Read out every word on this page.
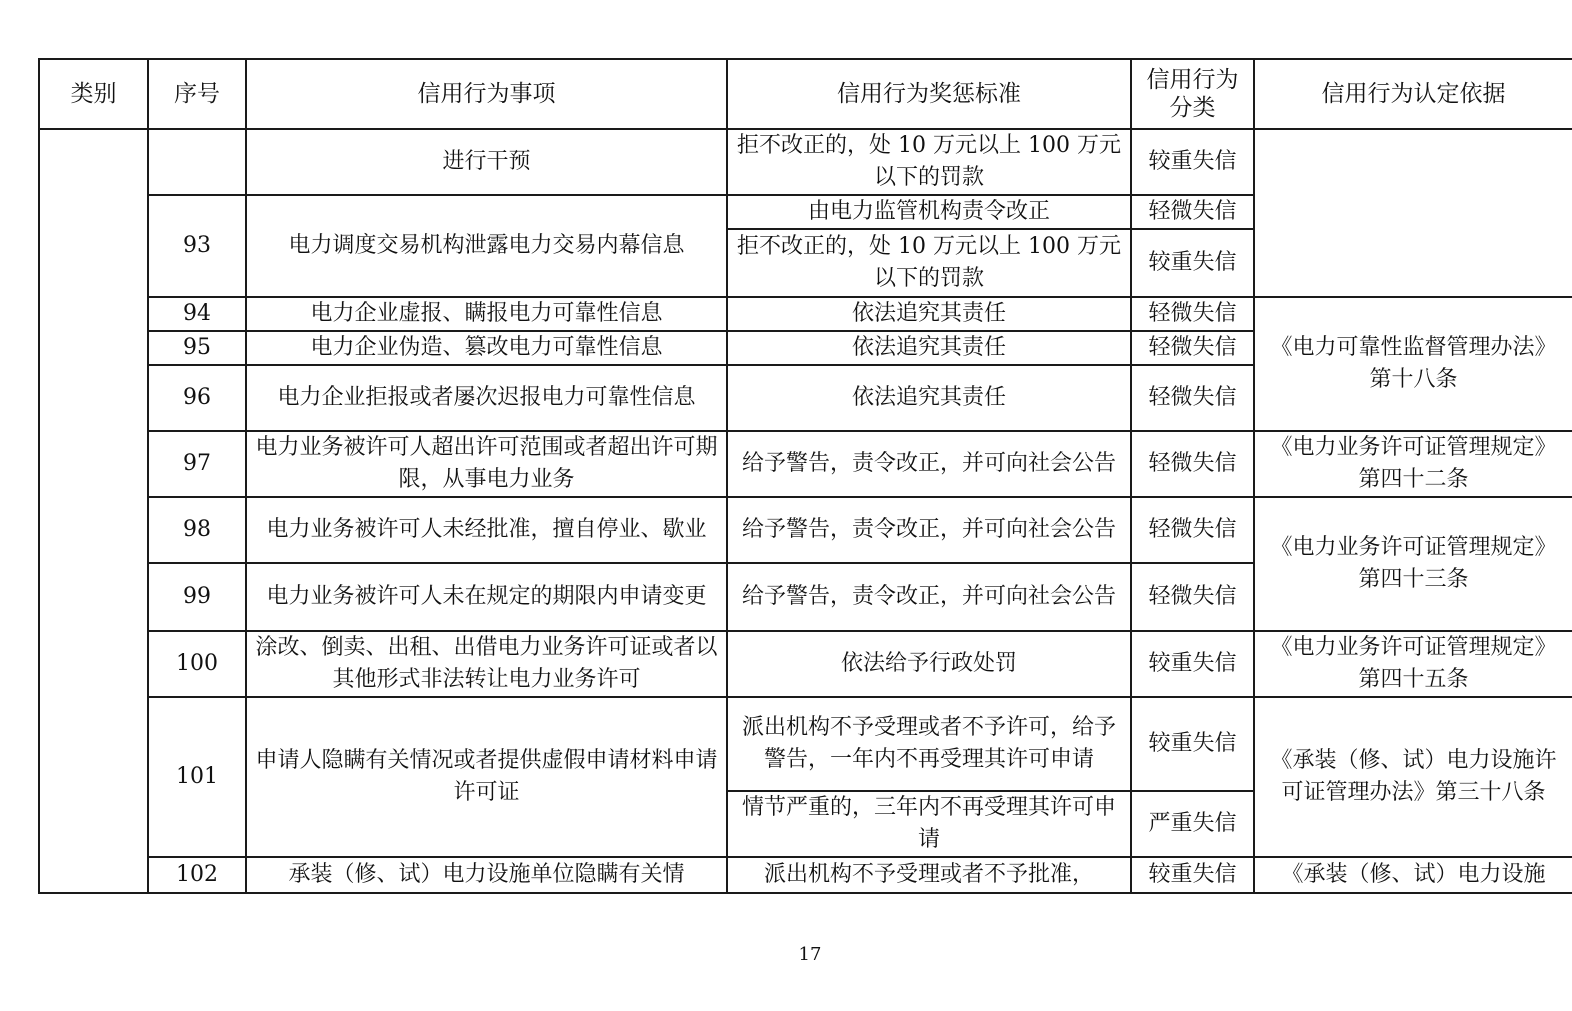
类别	序号	信用行为事项	信用行为奖惩标准	信用行为分类	信用行为认定依据
		进行干预	拒不改正的，处 10 万元以上 100 万元以下的罚款	较重失信	
	93	电力调度交易机构泄露电力交易内幕信息	由电力监管机构责令改正	轻微失信	
			拒不改正的，处 10 万元以上 100 万元以下的罚款	较重失信	
	94	电力企业虚报、瞒报电力可靠性信息	依法追究其责任	轻微失信	《电力可靠性监督管理办法》第十八条
	95	电力企业伪造、篡改电力可靠性信息	依法追究其责任	轻微失信	
	96	电力企业拒报或者屡次迟报电力可靠性信息	依法追究其责任	轻微失信	
	97	电力业务被许可人超出许可范围或者超出许可期限，从事电力业务	给予警告，责令改正，并可向社会公告	轻微失信	《电力业务许可证管理规定》第四十二条
	98	电力业务被许可人未经批准，擅自停业、歇业	给予警告，责令改正，并可向社会公告	轻微失信	《电力业务许可证管理规定》第四十三条
	99	电力业务被许可人未在规定的期限内申请变更	给予警告，责令改正，并可向社会公告	轻微失信	
	100	涂改、倒卖、出租、出借电力业务许可证或者以其他形式非法转让电力业务许可	依法给予行政处罚	较重失信	《电力业务许可证管理规定》第四十五条
	101	申请人隐瞒有关情况或者提供虚假申请材料申请许可证	派出机构不予受理或者不予许可，给予警告，一年内不再受理其许可申请	较重失信	《承装（修、试）电力设施许可证管理办法》第三十八条
			情节严重的，三年内不再受理其许可申请	严重失信	
	102	承装（修、试）电力设施单位隐瞒有关情	派出机构不予受理或者不予批准，	较重失信	《承装（修、试）电力设施
17
